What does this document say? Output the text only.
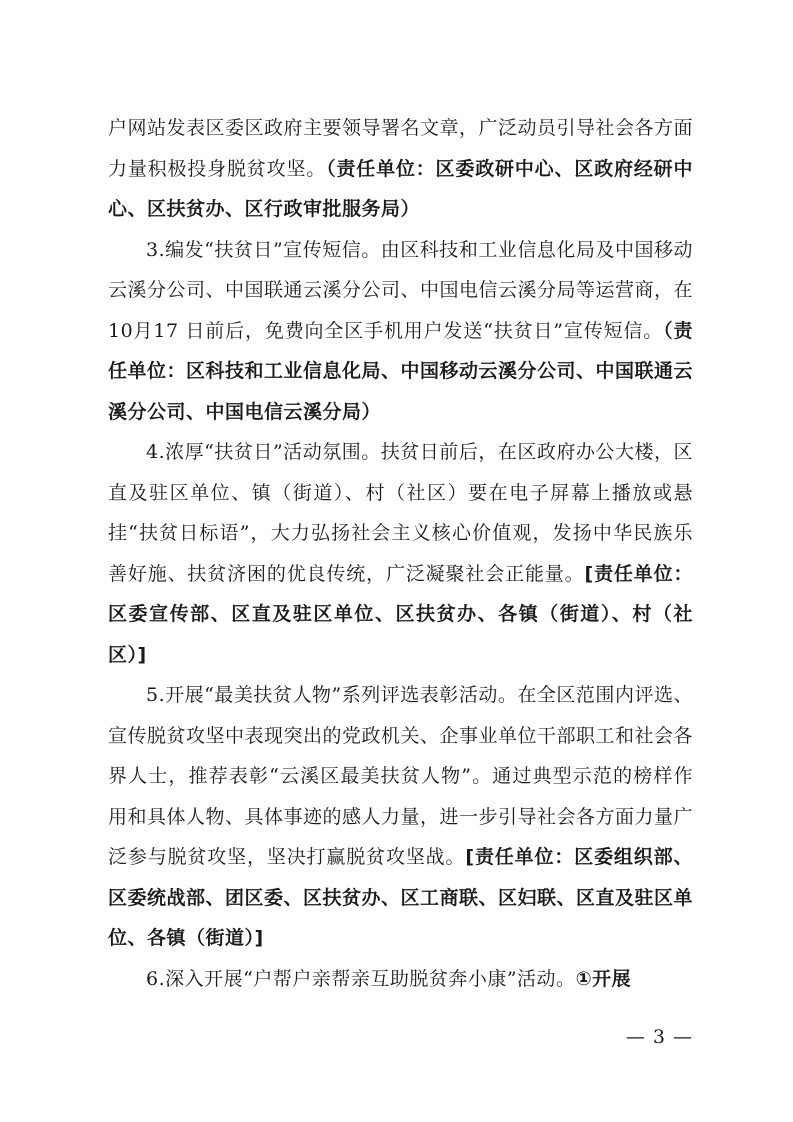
户网站发表区委区政府主要领导署名文章，广泛动员引导社会各方面力量积极投身脱贫攻坚。（责任单位：区委政研中心、区政府经研中心、区扶贫办、区行政审批服务局）

3.编发“扶贫日”宣传短信。由区科技和工业信息化局及中国移动云溪分公司、中国联通云溪分公司、中国电信云溪分局等运营商，在 10月17 日前后，免费向全区手机用户发送“扶贫日”宣传短信。（责任单位：区科技和工业信息化局、中国移动云溪分公司、中国联通云溪分公司、中国电信云溪分局）

4.浓厚“扶贫日”活动氛围。扶贫日前后，在区政府办公大楼，区直及驻区单位、镇（街道）、村（社区）要在电子屏幕上播放或悬挂“扶贫日标语”，大力弘扬社会主义核心价值观，发扬中华民族乐善好施、扶贫济困的优良传统，广泛凝聚社会正能量。[责任单位：区委宣传部、区直及驻区单位、区扶贫办、各镇（街道）、村（社区）]

5.开展“最美扶贫人物”系列评选表彰活动。在全区范围内评选、宣传脱贫攻坚中表现突出的党政机关、企事业单位干部职工和社会各界人士，推荐表彰“云溪区最美扶贫人物”。通过典型示范的榜样作用和具体人物、具体事迹的感人力量，进一步引导社会各方面力量广泛参与脱贫攻坚，坚决打赢脱贫攻坚战。[责任单位：区委组织部、区委统战部、团区委、区扶贫办、区工商联、区妇联、区直及驻区单位、各镇（街道）]

6.深入开展“户帮户亲帮亲互助脱贫奔小康”活动。①开展

— 3 —
